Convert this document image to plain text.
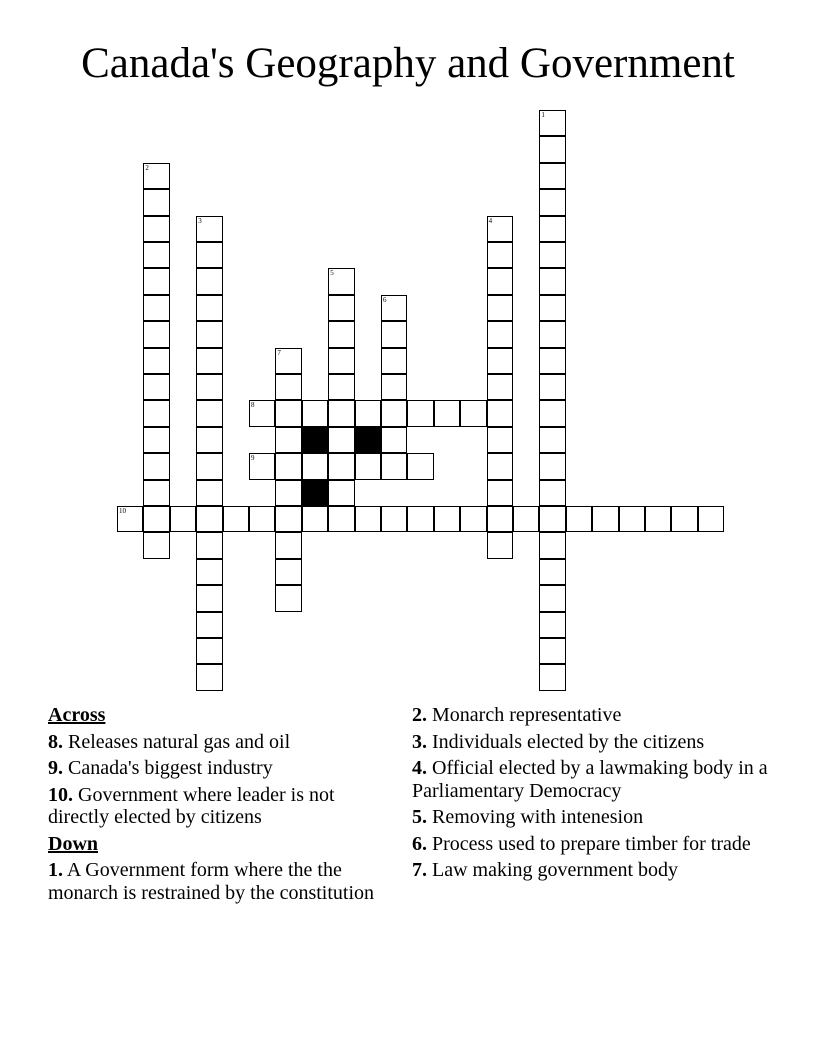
Canada's Geography and Government
1
2
3	4
5
6
7
8
9
10
Across
8. Releases natural gas and oil
9. Canada's biggest industry
10. Government where leader is not directly elected by citizens
Down
1. A Government form where the the monarch is restrained by the constitution
2. Monarch representative
3. Individuals elected by the citizens
4. Official elected by a lawmaking body in a Parliamentary Democracy
5. Removing with intenesion
6. Process used to prepare timber for trade
7. Law making government body
